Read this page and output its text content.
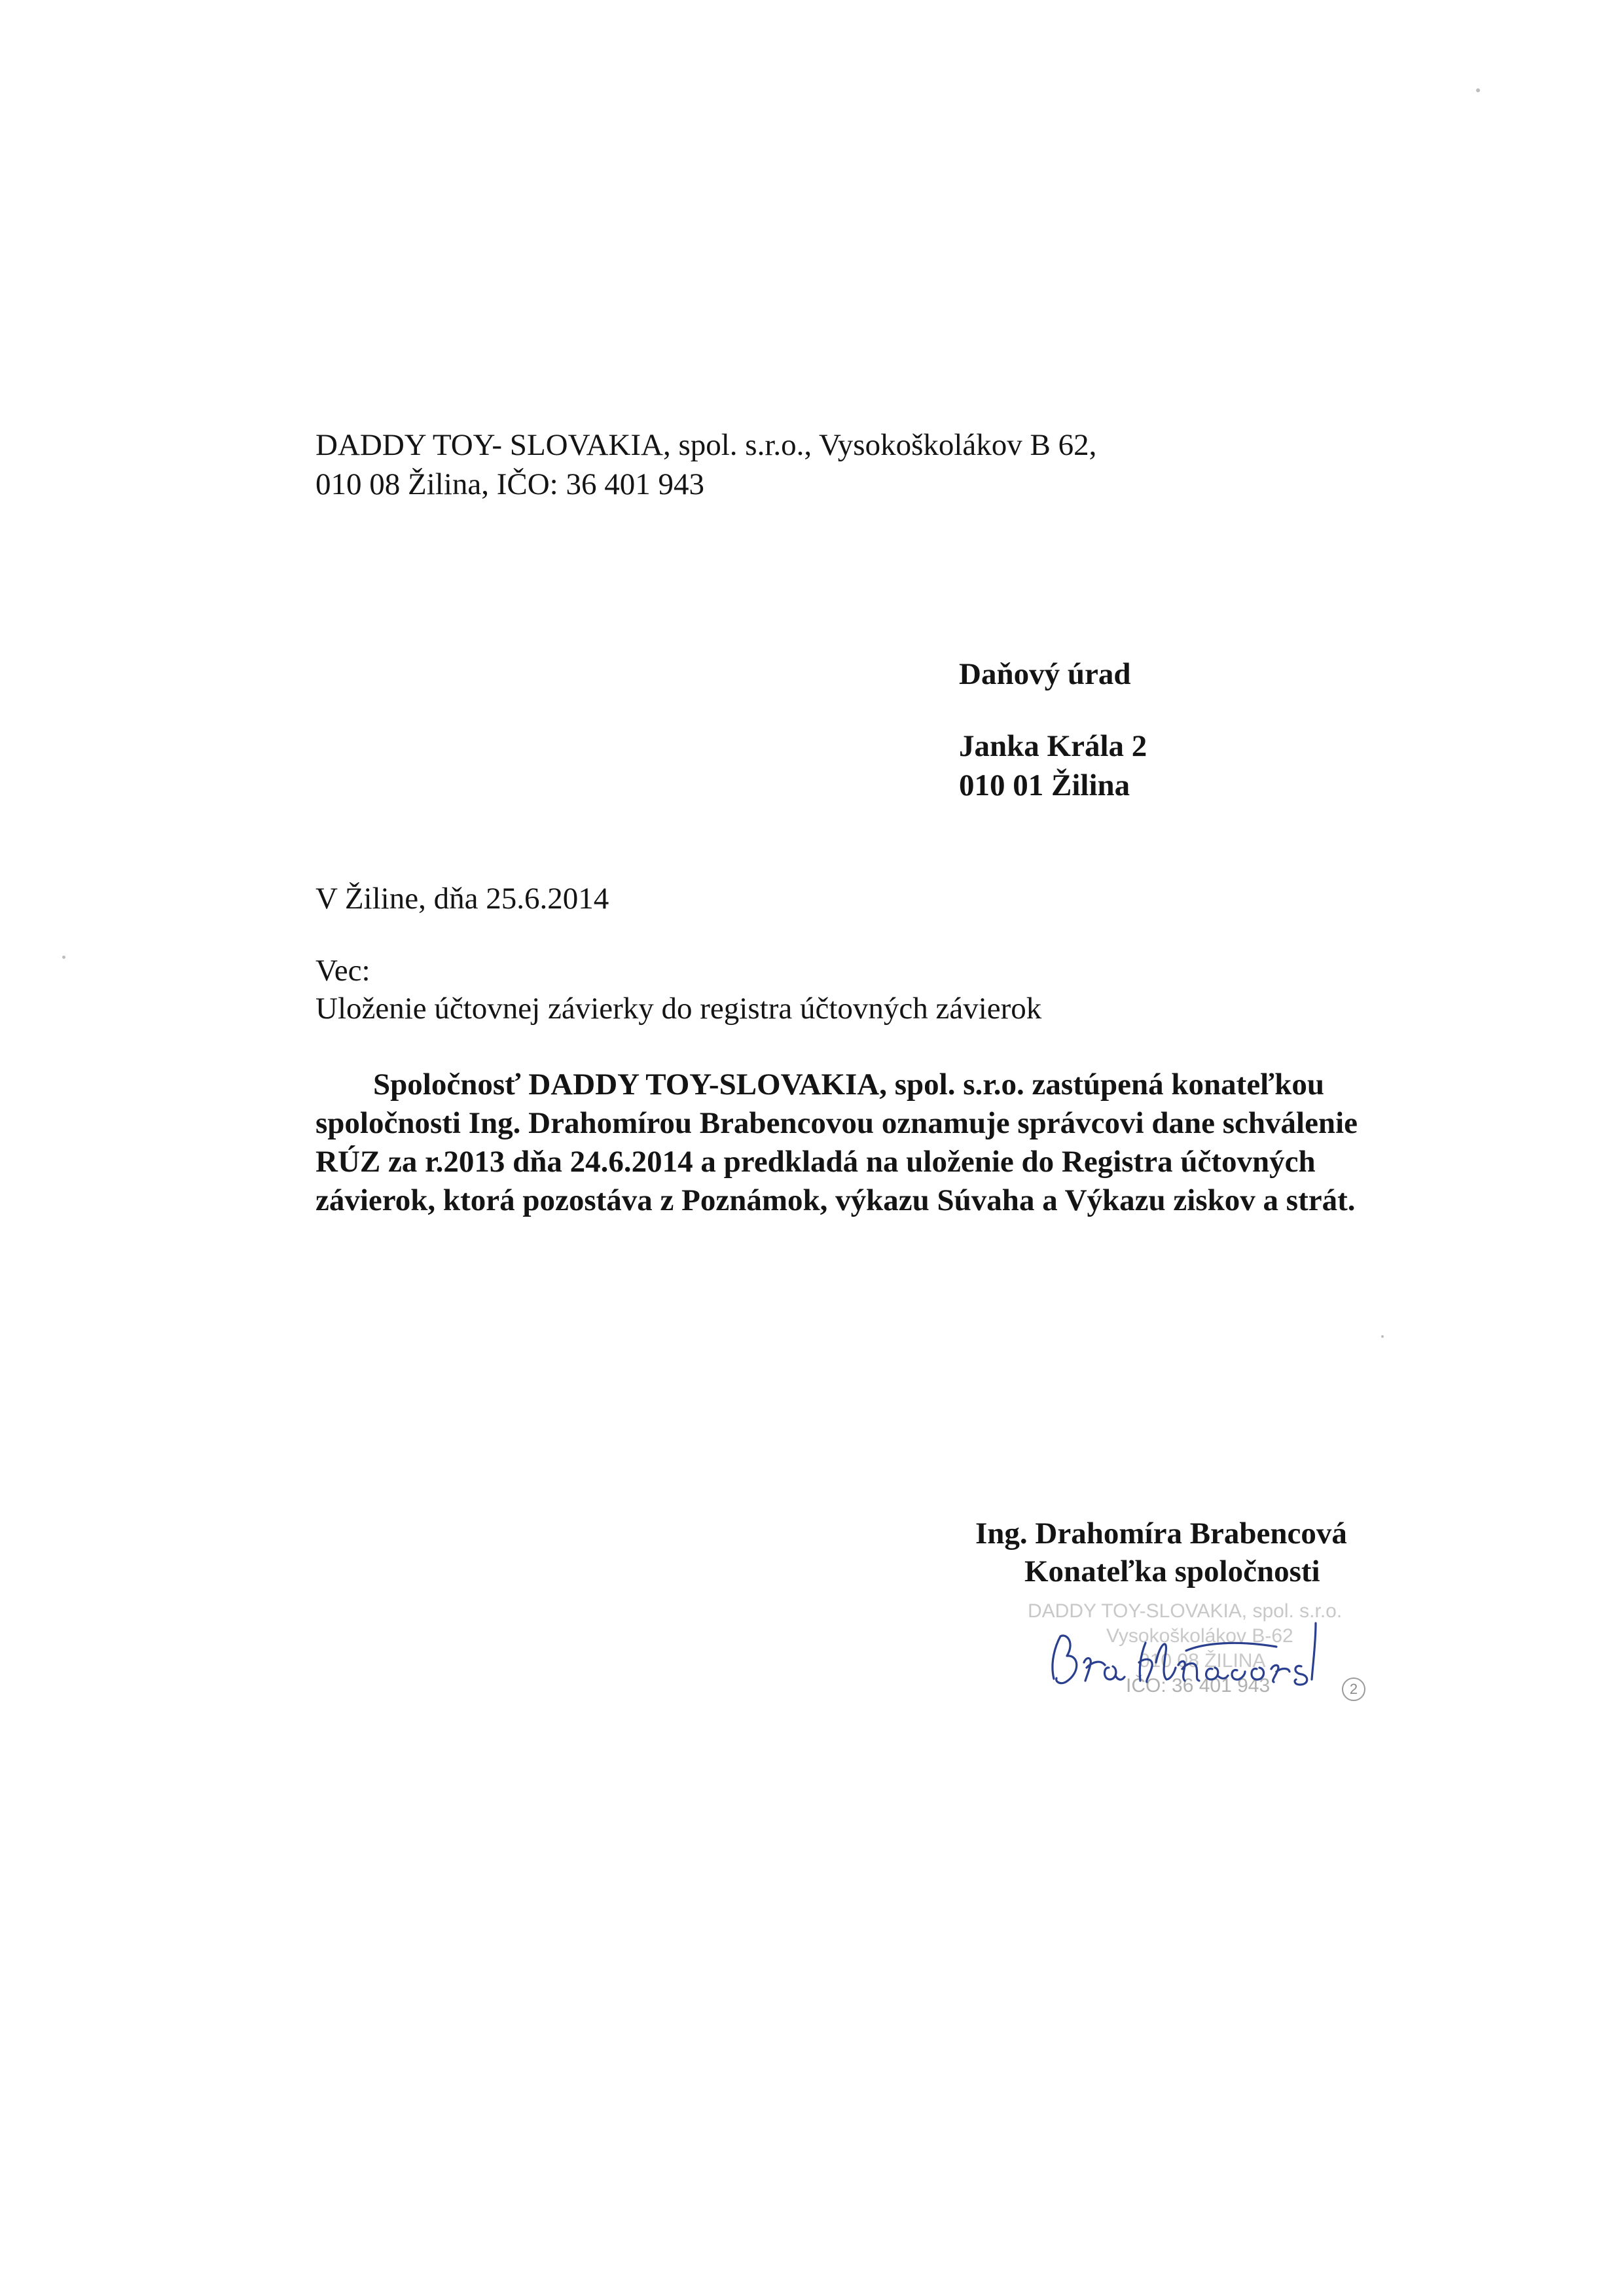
DADDY TOY- SLOVAKIA, spol. s.r.o., Vysokoškolákov B 62,
010 08 Žilina, IČO: 36 401 943
Daňový úrad
Janka Krála 2
010 01 Žilina
V Žiline, dňa 25.6.2014
Vec:
Uloženie účtovnej závierky do registra účtovných závierok
Spoločnosť DADDY TOY-SLOVAKIA, spol. s.r.o. zastúpená konateľkou spoločnosti Ing. Drahomírou Brabencovou oznamuje správcovi dane schválenie RÚZ za r.2013 dňa 24.6.2014 a predkladá na uloženie do Registra účtovných závierok, ktorá pozostáva z Poznámok, výkazu Súvaha a Výkazu ziskov a strát.
Ing. Drahomíra Brabencová
Konateľka spoločnosti
DADDY TOY-SLOVAKIA, spol. s.r.o.
Vysokoškolákov B-62
010 08 ŽILINA
IČO: 36 401 943	2
